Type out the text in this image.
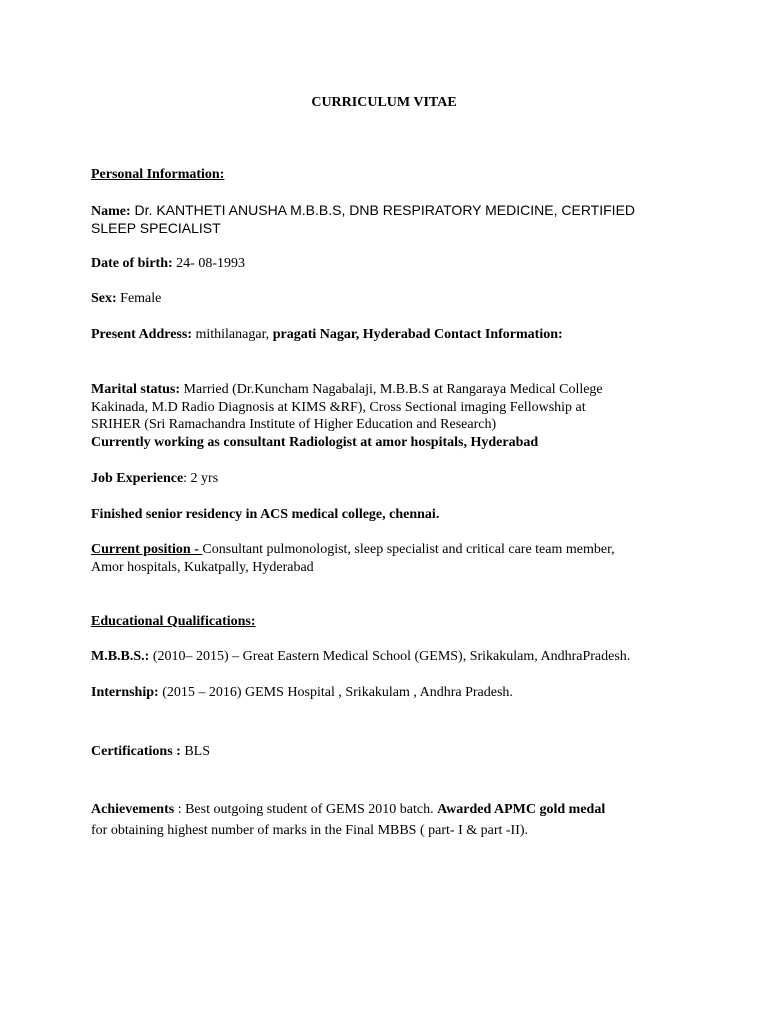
CURRICULUM VITAE
Personal Information:
Name: Dr. KANTHETI ANUSHA M.B.B.S, DNB RESPIRATORY MEDICINE, CERTIFIED
SLEEP SPECIALIST
Date of birth: 24- 08-1993
Sex: Female
Present Address: mithilanagar, pragati Nagar, Hyderabad Contact Information:
Marital status: Married (Dr.Kuncham Nagabalaji, M.B.B.S at Rangaraya Medical College
Kakinada, M.D Radio Diagnosis at KIMS &RF), Cross Sectional imaging Fellowship at
SRIHER (Sri Ramachandra Institute of Higher Education and Research)
Currently working as consultant Radiologist at amor hospitals, Hyderabad
Job Experience: 2 yrs
Finished senior residency in ACS medical college, chennai.
Current position - Consultant pulmonologist, sleep specialist and critical care team member,
Amor hospitals, Kukatpally, Hyderabad
Educational Qualifications:
M.B.B.S.: (2010– 2015) – Great Eastern Medical School (GEMS), Srikakulam, AndhraPradesh.
Internship: (2015 – 2016) GEMS Hospital , Srikakulam , Andhra Pradesh.
Certifications : BLS
Achievements : Best outgoing student of GEMS 2010 batch. Awarded APMC gold medal
for obtaining highest number of marks in the Final MBBS ( part- I & part -II).
